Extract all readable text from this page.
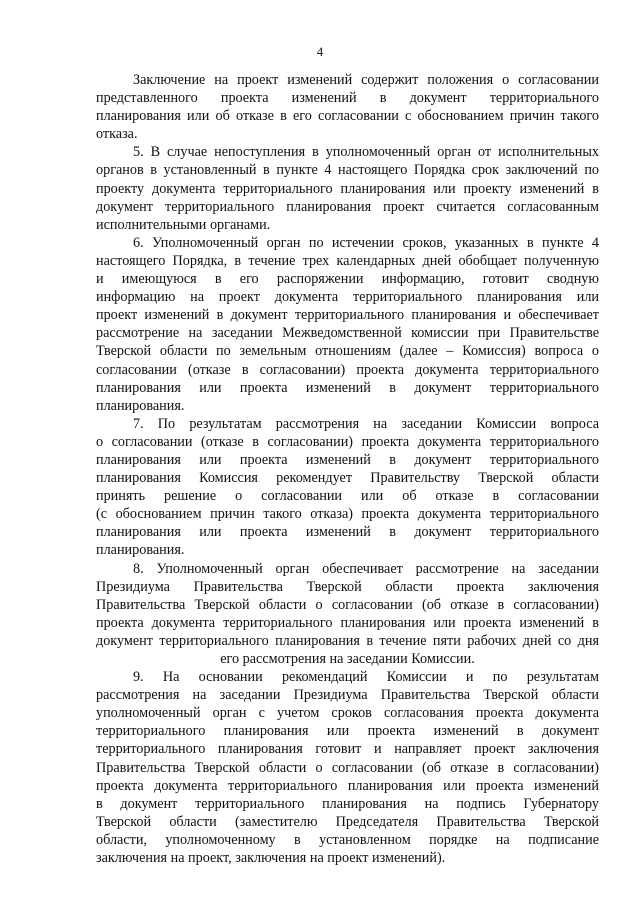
4
Заключение на проект изменений содержит положения о согласовании
представленного проекта изменений в документ территориального
планирования или об отказе в его согласовании с обоснованием причин такого
отказа.
5. В случае непоступления в уполномоченный орган от исполнительных
органов в установленный в пункте 4 настоящего Порядка срок заключений по
проекту документа территориального планирования или проекту изменений в
документ территориального планирования проект считается согласованным
исполнительными органами.
6. Уполномоченный орган по истечении сроков, указанных в пункте 4
настоящего Порядка, в течение трех календарных дней обобщает полученную
и имеющуюся в его распоряжении информацию, готовит сводную
информацию на проект документа территориального планирования или
проект изменений в документ территориального планирования и обеспечивает
рассмотрение на заседании Межведомственной комиссии при Правительстве
Тверской области по земельным отношениям (далее – Комиссия) вопроса о
согласовании (отказе в согласовании) проекта документа территориального
планирования или проекта изменений в документ территориального
планирования.
7. По результатам рассмотрения на заседании Комиссии вопроса
о согласовании (отказе в согласовании) проекта документа территориального
планирования или проекта изменений в документ территориального
планирования Комиссия рекомендует Правительству Тверской области
принять решение о согласовании или об отказе в согласовании
(с обоснованием причин такого отказа) проекта документа территориального
планирования или проекта изменений в документ территориального
планирования.
8. Уполномоченный орган обеспечивает рассмотрение на заседании
Президиума Правительства Тверской области проекта заключения
Правительства Тверской области о согласовании (об отказе в согласовании)
проекта документа территориального планирования или проекта изменений в
документ территориального планирования в течение пяти рабочих дней со дня
его рассмотрения на заседании Комиссии.
9. На основании рекомендаций Комиссии и по результатам
рассмотрения на заседании Президиума Правительства Тверской области
уполномоченный орган с учетом сроков согласования проекта документа
территориального планирования или проекта изменений в документ
территориального планирования готовит и направляет проект заключения
Правительства Тверской области о согласовании (об отказе в согласовании)
проекта документа территориального планирования или проекта изменений
в документ территориального планирования на подпись Губернатору
Тверской области (заместителю Председателя Правительства Тверской
области, уполномоченному в установленном порядке на подписание
заключения на проект, заключения на проект изменений).
